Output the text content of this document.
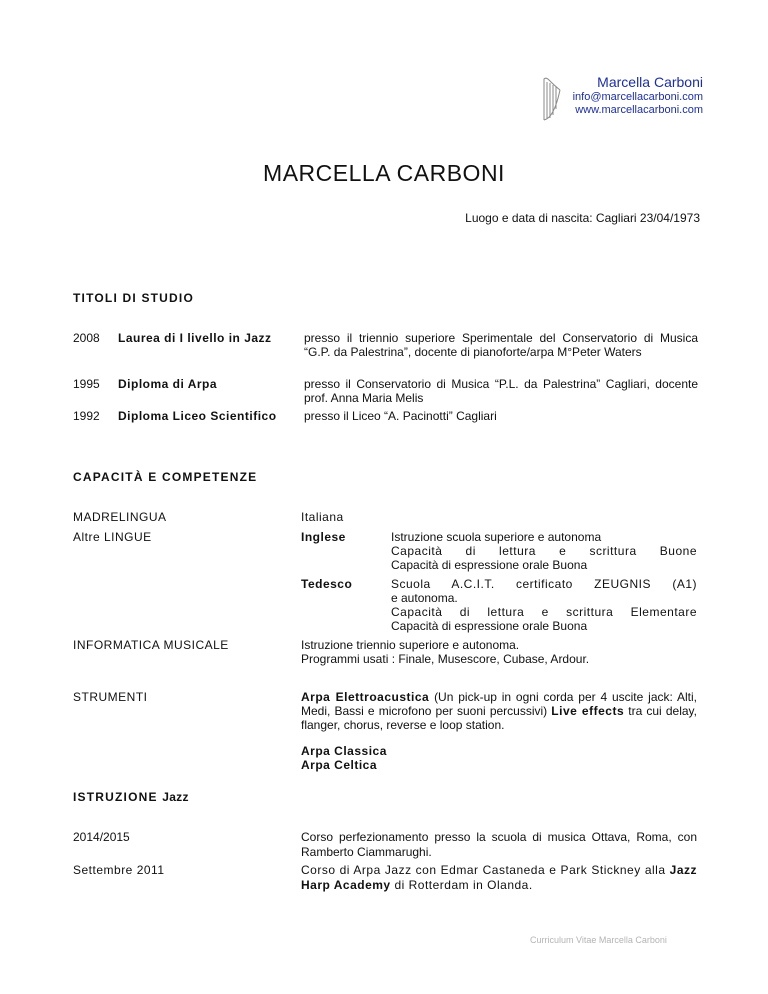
Marcella Carboni
info@marcellacarboni.com
www.marcellacarboni.com
MARCELLA CARBONI
Luogo e data di nascita: Cagliari 23/04/1973
TITOLI DI STUDIO
2008 Laurea di I livello in Jazz	presso il triennio superiore Sperimentale del Conservatorio di Musica “G.P. da Palestrina”, docente di pianoforte/arpa M°Peter Waters
1995 Diploma di Arpa	presso il Conservatorio di Musica “P.L. da Palestrina” Cagliari, docente prof. Anna Maria Melis
1992 Diploma Liceo Scientifico presso il Liceo “A. Pacinotti” Cagliari
CAPACITÀ E COMPETENZE
MADRELINGUA	Italiana
Altre LINGUE	Inglese	Istruzione scuola superiore e autonoma
Capacità di lettura e scrittura Buone
Capacità di espressione orale Buona
Tedesco	Scuola A.C.I.T. certificato ZEUGNIS (A1)
e autonoma.
Capacità di lettura e scrittura Elementare
Capacità di espressione orale Buona
INFORMATICA MUSICALE	Istruzione triennio superiore e autonoma.
Programmi usati : Finale, Musescore, Cubase, Ardour.
STRUMENTI	Arpa Elettroacustica (Un pick-up in ogni corda per 4 uscite jack: Alti, Medi, Bassi e microfono per suoni percussivi) Live effects tra cui delay, flanger, chorus, reverse e loop station.
Arpa Classica
Arpa Celtica
ISTRUZIONE Jazz
2014/2015	Corso perfezionamento presso la scuola di musica Ottava, Roma, con Ramberto Ciammarughi.
Settembre 2011	Corso di Arpa Jazz con Edmar Castaneda e Park Stickney alla Jazz Harp Academy di Rotterdam in Olanda.
Curriculum Vitae Marcella Carboni
